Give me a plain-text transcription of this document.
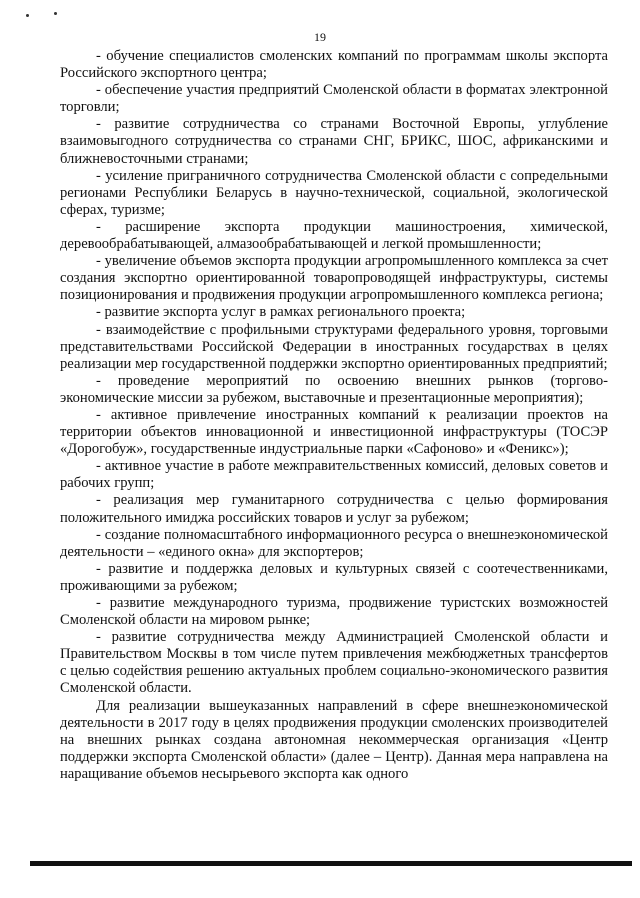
19

- обучение специалистов смоленских компаний по программам школы экспорта Российского экспортного центра;

- обеспечение участия предприятий Смоленской области в форматах электронной торговли;

- развитие сотрудничества со странами Восточной Европы, углубление взаимовыгодного сотрудничества со странами СНГ, БРИКС, ШОС, африканскими и ближневосточными странами;

- усиление приграничного сотрудничества Смоленской области с сопредельными регионами Республики Беларусь в научно-технической, социальной, экологической сферах, туризме;

- расширение экспорта продукции машиностроения, химической, деревообрабатывающей, алмазообрабатывающей и легкой промышленности;

- увеличение объемов экспорта продукции агропромышленного комплекса за счет создания экспортно ориентированной товаропроводящей инфраструктуры, системы позиционирования и продвижения продукции агропромышленного комплекса региона;

- развитие экспорта услуг в рамках регионального проекта;

- взаимодействие с профильными структурами федерального уровня, торговыми представительствами Российской Федерации в иностранных государствах в целях реализации мер государственной поддержки экспортно ориентированных предприятий;

- проведение мероприятий по освоению внешних рынков (торгово-экономические миссии за рубежом, выставочные и презентационные мероприятия);

- активное привлечение иностранных компаний к реализации проектов на территории объектов инновационной и инвестиционной инфраструктуры (ТОСЭР «Дорогобуж», государственные индустриальные парки «Сафоново» и «Феникс»);

- активное участие в работе межправительственных комиссий, деловых советов и рабочих групп;

- реализация мер гуманитарного сотрудничества с целью формирования положительного имиджа российских товаров и услуг за рубежом;

- создание полномасштабного информационного ресурса о внешнеэкономической деятельности – «единого окна» для экспортеров;

- развитие и поддержка деловых и культурных связей с соотечественниками, проживающими за рубежом;

- развитие международного туризма, продвижение туристских возможностей Смоленской области на мировом рынке;

- развитие сотрудничества между Администрацией Смоленской области и Правительством Москвы в том числе путем привлечения межбюджетных трансфертов с целью содействия решению актуальных проблем социально-экономического развития Смоленской области.

Для реализации вышеуказанных направлений в сфере внешнеэкономической деятельности в 2017 году в целях продвижения продукции смоленских производителей на внешних рынках создана автономная некоммерческая организация «Центр поддержки экспорта Смоленской области» (далее – Центр). Данная мера направлена на наращивание объемов несырьевого экспорта как одного
